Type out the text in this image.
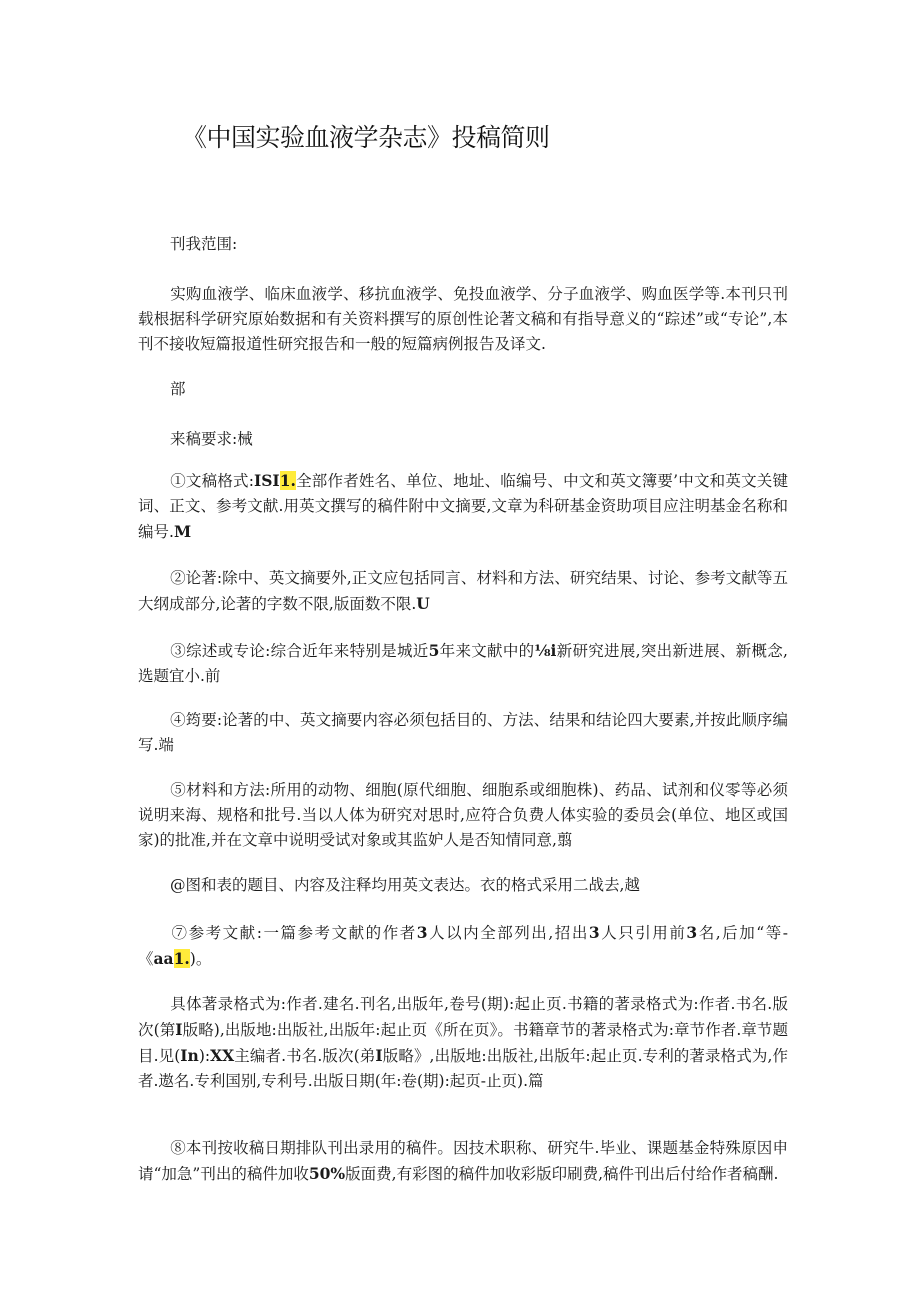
《中国实验血液学杂志》投稿简则
刊我范围:

实购血液学、临床血液学、移抗血液学、免投血液学、分子血液学、购血医学等.本刊只刊载根据科学研究原始数据和有关资料撰写的原创性论著文稿和有指导意义的“踪述”或“专论”,本刊不接收短篇报道性研究报告和一般的短篇病例报告及译文.

部
来稿要求:械

①文稿格式:ISI1.全部作者姓名、单位、地址、临编号、中文和英文簿要’中文和英文关键词、正文、参考文献.用英文撰写的稿件附中文摘要,文章为科研基金资助项目应注明基金名称和编号.M

②论著:除中、英文摘要外,正文应包括同言、材料和方法、研究结果、讨论、参考文献等五大纲成部分,论著的字数不限,版面数不限.U

③综述或专论:综合近年来特别是城近5年来文献中的⅛i新研究进展,突出新进展、新概念,选题宜小.前

④筠要:论著的中、英文摘要内容必须包括目的、方法、结果和结论四大要素,并按此顺序编写.端

⑤材料和方法:所用的动物、细胞(原代细胞、细胞系或细胞株)、药品、试剂和仪零等必须说明来海、规格和批号.当以人体为研究对思时,应符合负费人体实验的委员会(单位、地区或国家)的批准,并在文章中说明受试对象或其监妒人是否知情同意,翦

@图和表的题目、内容及注释均用英文表达。衣的格式采用二战去,越

⑦参考文献:一篇参考文献的作者3人以内全部列出,招出3人只引用前3名,后加“等-《aa1.)。

具体著录格式为:作者.建名.刊名,出版年,卷号(期):起止页.书籍的著录格式为:作者.书名.版次(第I版略),出版地:出版社,出版年:起止页《所在页》。书籍章节的著录格式为:章节作者.章节题目.见(In):XX主编者.书名.版次(弟I版略》,出版地:出版社,出版年:起止页.专利的著录格式为,作者.遨名.专利国别,专利号.出版日期(年:卷(期):起页-止页).篇

⑧本刊按收稿日期排队刊出录用的稿件。因技术职称、研究牛.毕业、课题基金特殊原因申请“加急”刊出的稿件加收50%版面费,有彩图的稿件加收彩版印刷费,稿件刊出后付给作者稿酬.
